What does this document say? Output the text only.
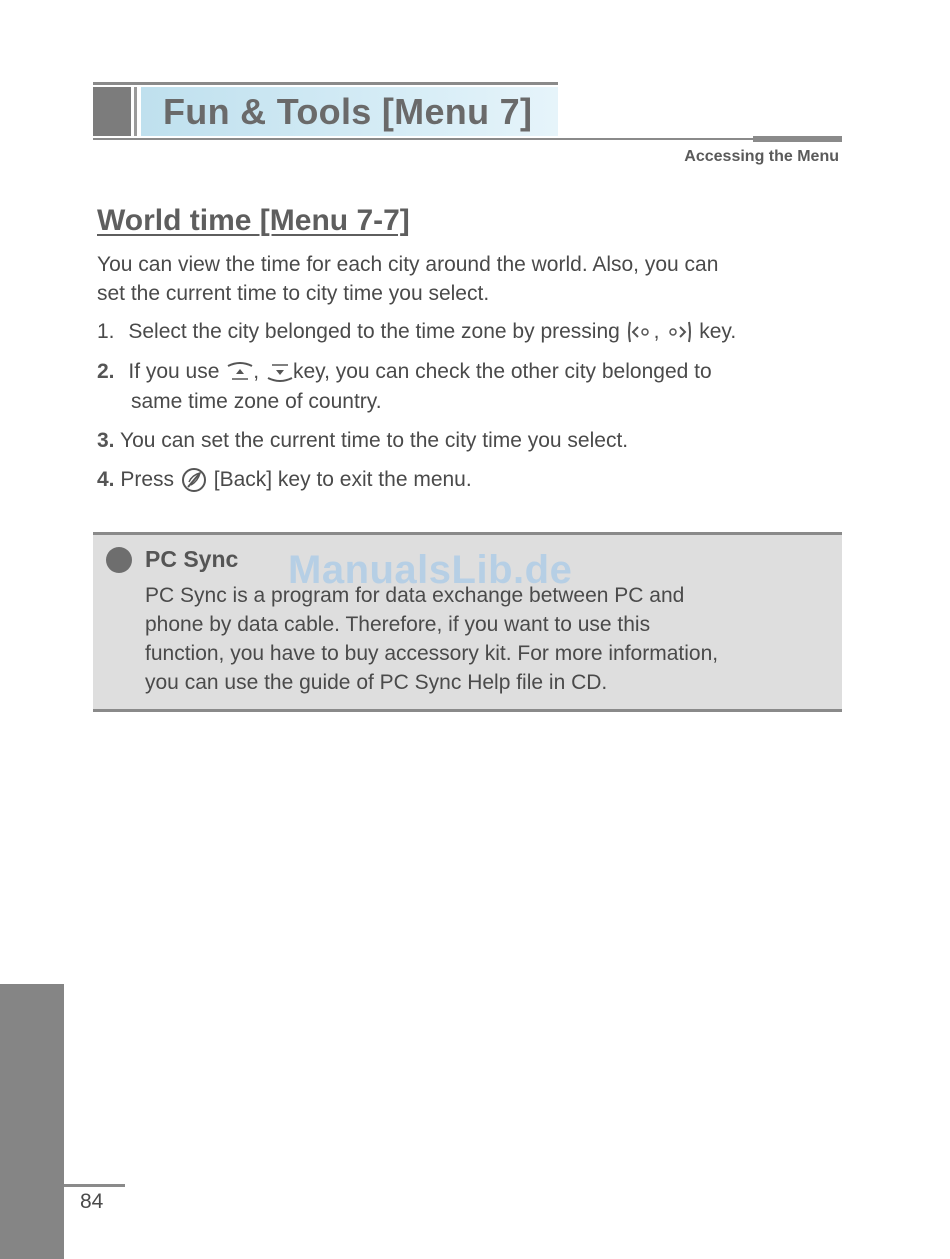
Fun & Tools [Menu 7]
Accessing the Menu
World time [Menu 7-7]
You can view the time for each city around the world. Also, you can
set the current time to city time you select.
1. Select the city belonged to the time zone by pressing , key.
2. If you use , key, you can check the other city belonged to
same time zone of country.
3. You can set the current time to the city time you select.
4. Press [Back] key to exit the menu.
ManualsLib.de
PC Sync
PC Sync is a program for data exchange between PC and
phone by data cable. Therefore, if you want to use this
function, you have to buy accessory kit. For more information,
you can use the guide of PC Sync Help file in CD.
84
